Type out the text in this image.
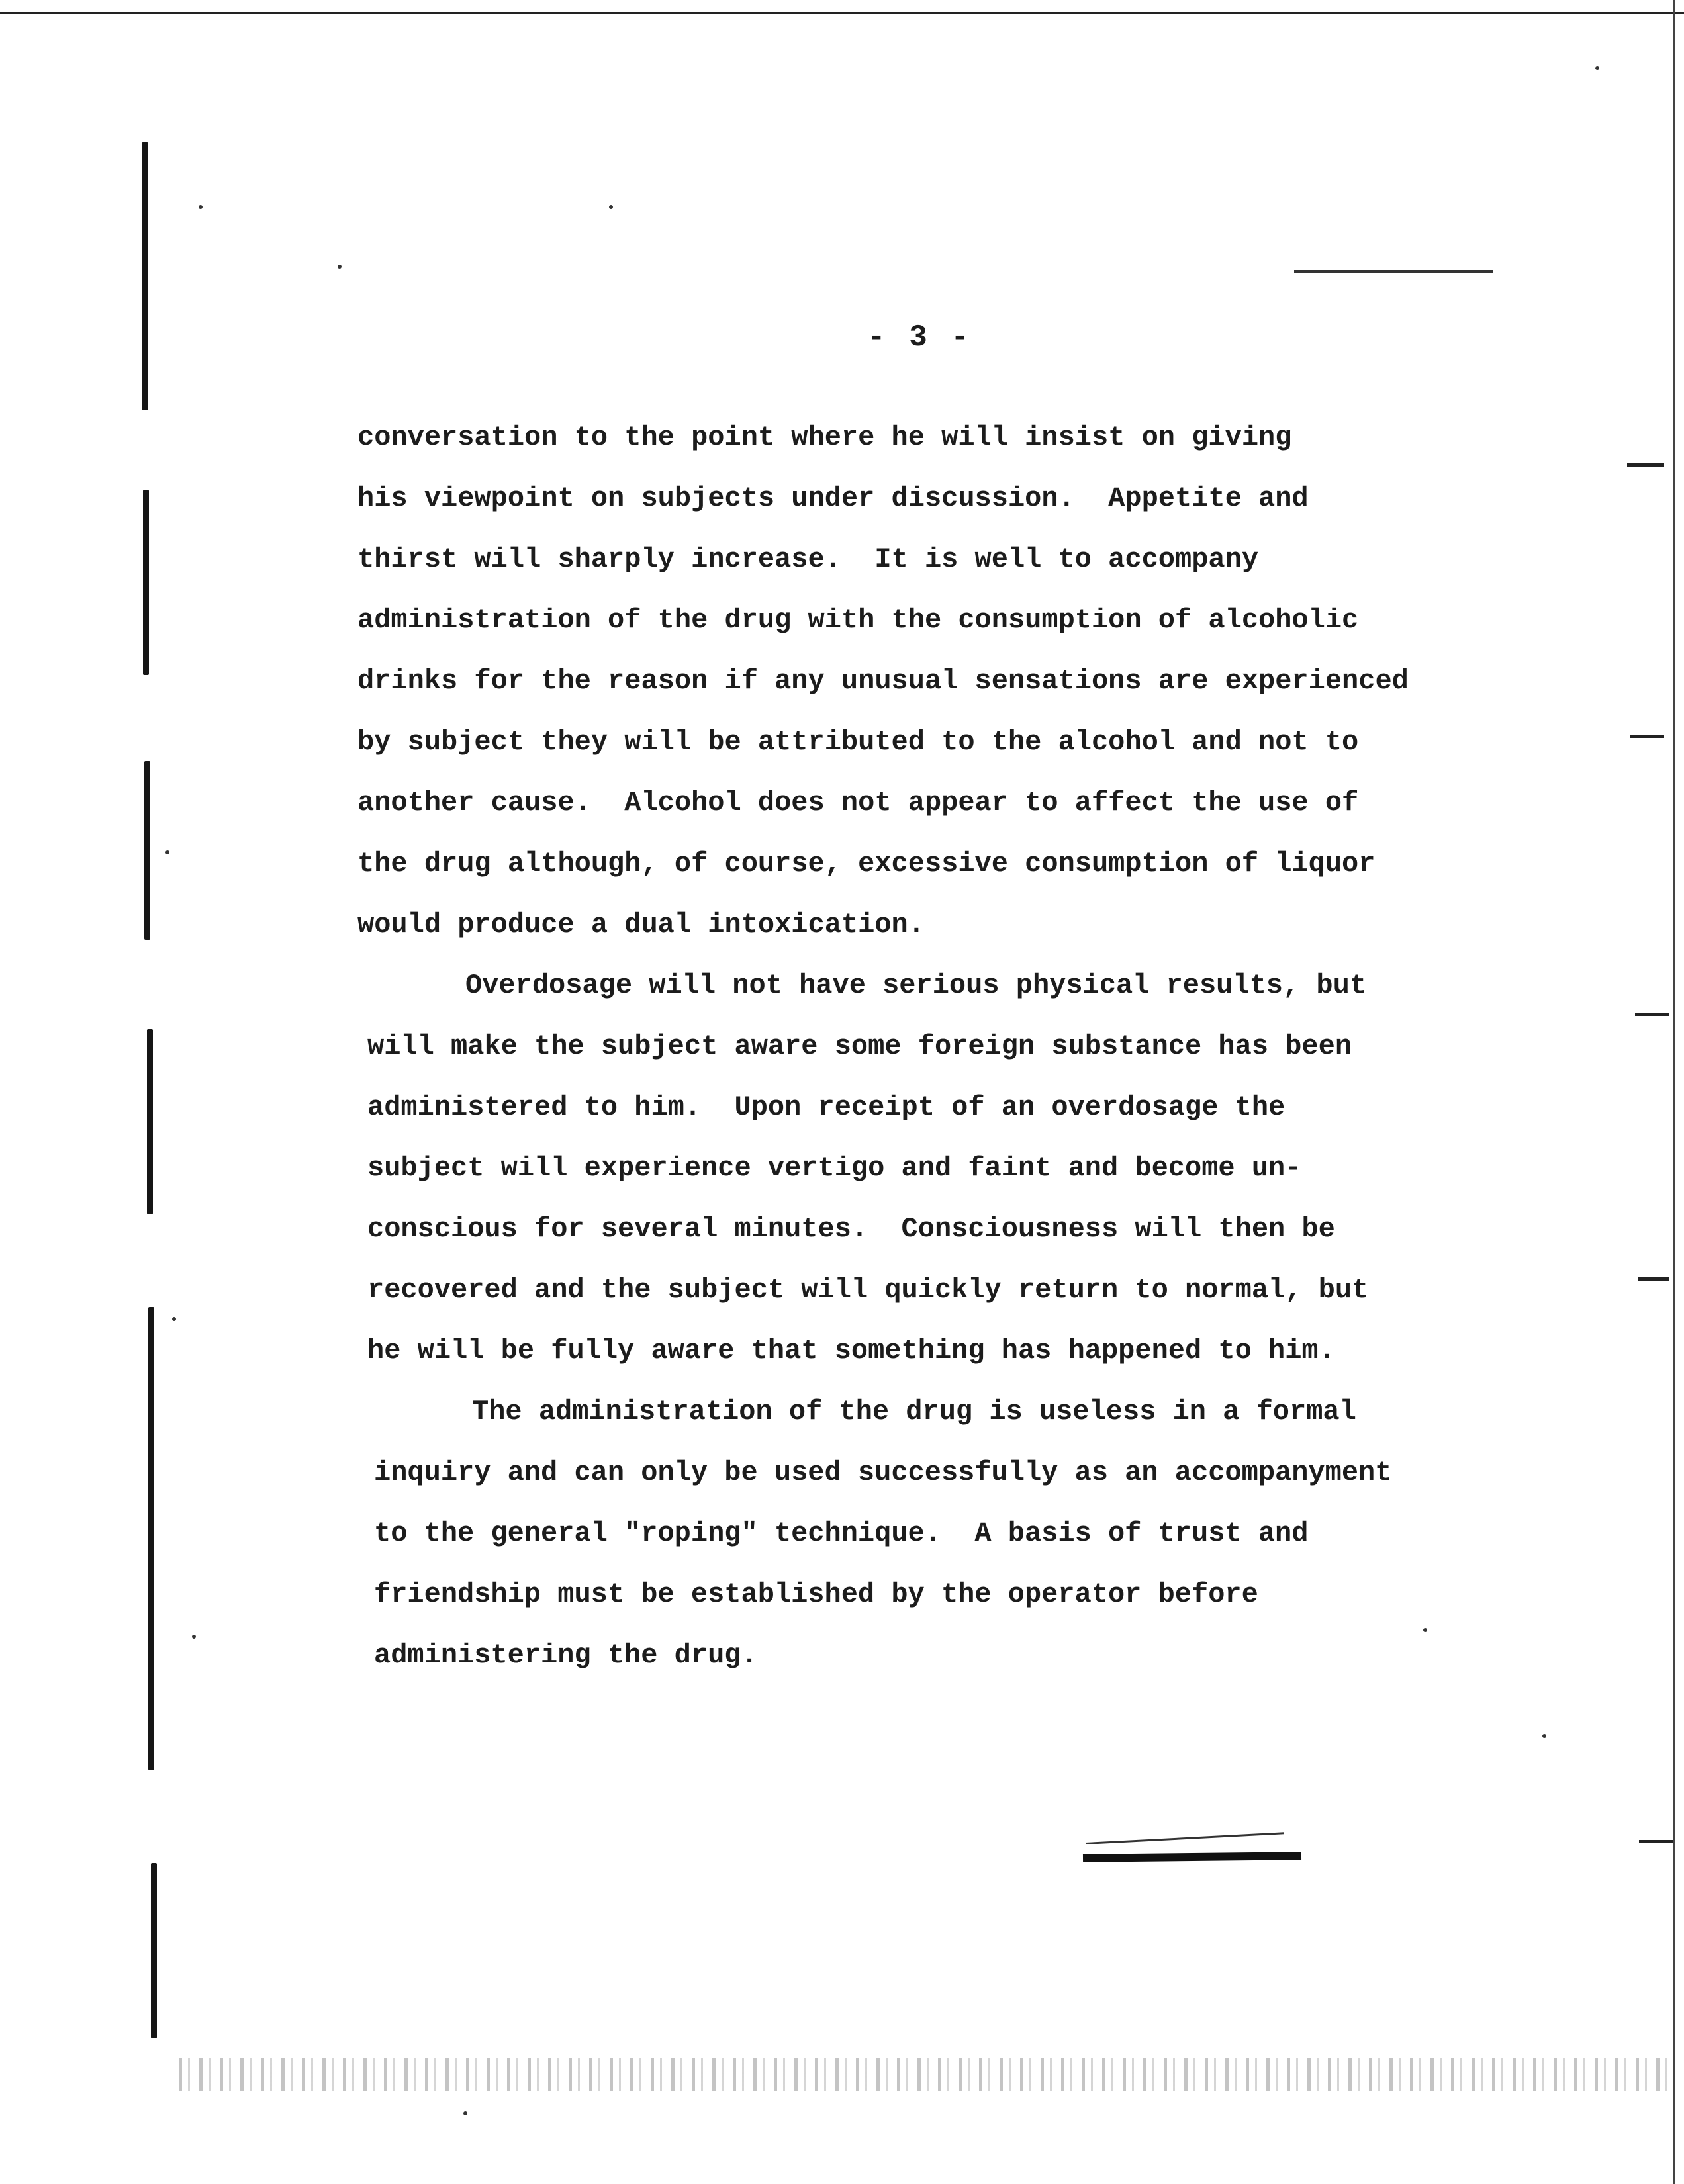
- 3 -
conversation to the point where he will insist on giving
his viewpoint on subjects under discussion.  Appetite and
thirst will sharply increase.  It is well to accompany
administration of the drug with the consumption of alcoholic
drinks for the reason if any unusual sensations are experienced
by subject they will be attributed to the alcohol and not to
another cause.  Alcohol does not appear to affect the use of
the drug although, of course, excessive consumption of liquor
would produce a dual intoxication.
Overdosage will not have serious physical results, but
will make the subject aware some foreign substance has been
administered to him.  Upon receipt of an overdosage the
subject will experience vertigo and faint and become un-
conscious for several minutes.  Consciousness will then be
recovered and the subject will quickly return to normal, but
he will be fully aware that something has happened to him.
The administration of the drug is useless in a formal
inquiry and can only be used successfully as an accompanyment
to the general "roping" technique.  A basis of trust and
friendship must be established by the operator before
administering the drug.
